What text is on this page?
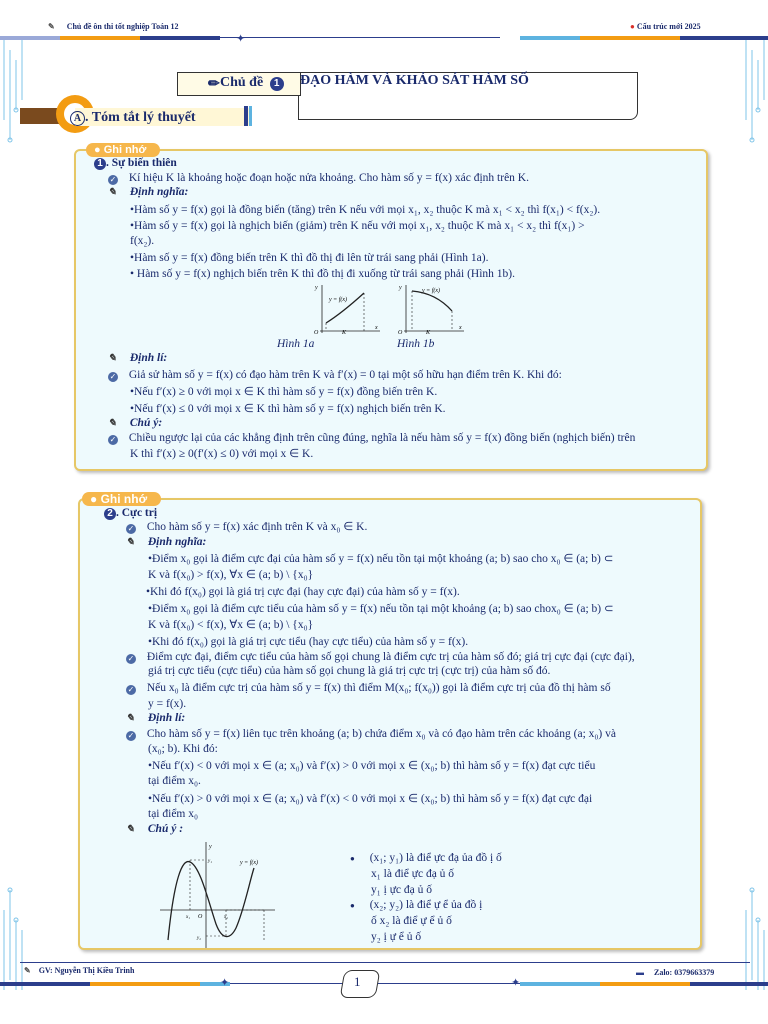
✎ Chủ đề ôn thi tốt nghiệp Toán 12	● Cấu trúc mới 2025
✦
✏ Chủ đề 1	ĐẠO HÀM VÀ KHẢO SÁT HÀM SỐ
A . Tóm tắt lý thuyết
● Ghi nhớ
1 . Sự biến thiên
✓ Kí hiệu K là khoảng hoặc đoạn hoặc nửa khoảng. Cho hàm số y = f(x) xác định trên K.
✎ Định nghĩa:
•Hàm số y = f(x) gọi là đồng biến (tăng) trên K nếu với mọi x₁, x₂ thuộc K mà x₁ < x₂ thì f(x₁) < f(x₂).
•Hàm số y = f(x) gọi là nghịch biến (giảm) trên K nếu với mọi x₁, x₂ thuộc K mà x₁ < x₂ thì f(x₁) >
f(x₂).
•Hàm số y = f(x) đồng biến trên K thì đồ thị đi lên từ trái sang phải (Hình 1a).
• Hàm số y = f(x) nghịch biến trên K thì đồ thị đi xuống từ trái sang phải (Hình 1b).
y
y = f(x)
O	K
x
Hình 1a
y	y = f(x)
O	K
x
Hình 1b
✎ Định lí:
✓ Giả sử hàm số y = f(x) có đạo hàm trên K và f′(x) = 0 tại một số hữu hạn điểm trên K. Khi đó:
•Nếu f′(x) ≥ 0 với mọi x ∈ K thì hàm số y = f(x) đồng biến trên K.
•Nếu f′(x) ≤ 0 với mọi x ∈ K thì hàm số y = f(x) nghịch biến trên K.
✎ Chú ý:
✓ Chiều ngược lại của các khẳng định trên cũng đúng, nghĩa là nếu hàm số y = f(x) đồng biến (nghịch biến) trên
K thì f′(x) ≥ 0(f′(x) ≤ 0) với mọi x ∈ K.
● Ghi nhớ
2 . Cực trị
✓ Cho hàm số y = f(x) xác định trên K và x₀ ∈ K.
✎ Định nghĩa:
•Điểm x₀ gọi là điểm cực đại của hàm số y = f(x) nếu tồn tại một khoảng (a; b) sao cho x₀ ∈ (a; b) ⊂
K và f(x₀) > f(x), ∀x ∈ (a; b) \ {x₀}
•Khi đó f(x₀) gọi là giá trị cực đại (hay cực đại) của hàm số y = f(x).
•Điểm x₀ gọi là điểm cực tiểu của hàm số y = f(x) nếu tồn tại một khoảng (a; b) sao chox₀ ∈ (a; b) ⊂
K và f(x₀) < f(x), ∀x ∈ (a; b) \ {x₀}
•Khi đó f(x₀) gọi là giá trị cực tiểu (hay cực tiểu) của hàm số y = f(x).
✓ Điểm cực đại, điểm cực tiểu của hàm số gọi chung là điểm cực trị của hàm số đó; giá trị cực đại (cực đại),
giá trị cực tiểu (cực tiểu) của hàm số gọi chung là giá trị cực trị (cực trị) của hàm số đó.
✓ Nếu x₀ là điểm cực trị của hàm số y = f(x) thì điểm M(x₀; f(x₀)) gọi là điểm cực trị của đồ thị hàm số
y = f(x).
✎ Định lí:
✓ Cho hàm số y = f(x) liên tục trên khoảng (a; b) chứa điểm x₀ và có đạo hàm trên các khoảng (a; x₀) và
(x₀; b). Khi đó:
•Nếu f′(x) < 0 với mọi x ∈ (a; x₀) và f′(x) > 0 với mọi x ∈ (x₀; b) thì hàm số y = f(x) đạt cực tiểu
tại điểm x₀.
•Nếu f′(x) > 0 với mọi x ∈ (a; x₀) và f′(x) < 0 với mọi x ∈ (x₀; b) thì hàm số y = f(x) đạt cực đại
tại điểm x₀
✎ Chú ý :
y
y = f(x)
O
y₁
y₂
x₁	x₂
● (x₁; y₁) là điể ực đạ ủa đồ ị ố
x₁ là điể ực đạ ủ ố
y₁ ị ực đạ ủ ố
● (x₂; y₂) là điể ự ể ủa đồ ị
ố x₂ là điể ự ể ủ ố
y₂ ị ự ể ủ ố
✎ GV: Nguyễn Thị Kiều Trinh	▬ Zalo: 0379663379
✦	✦
1
